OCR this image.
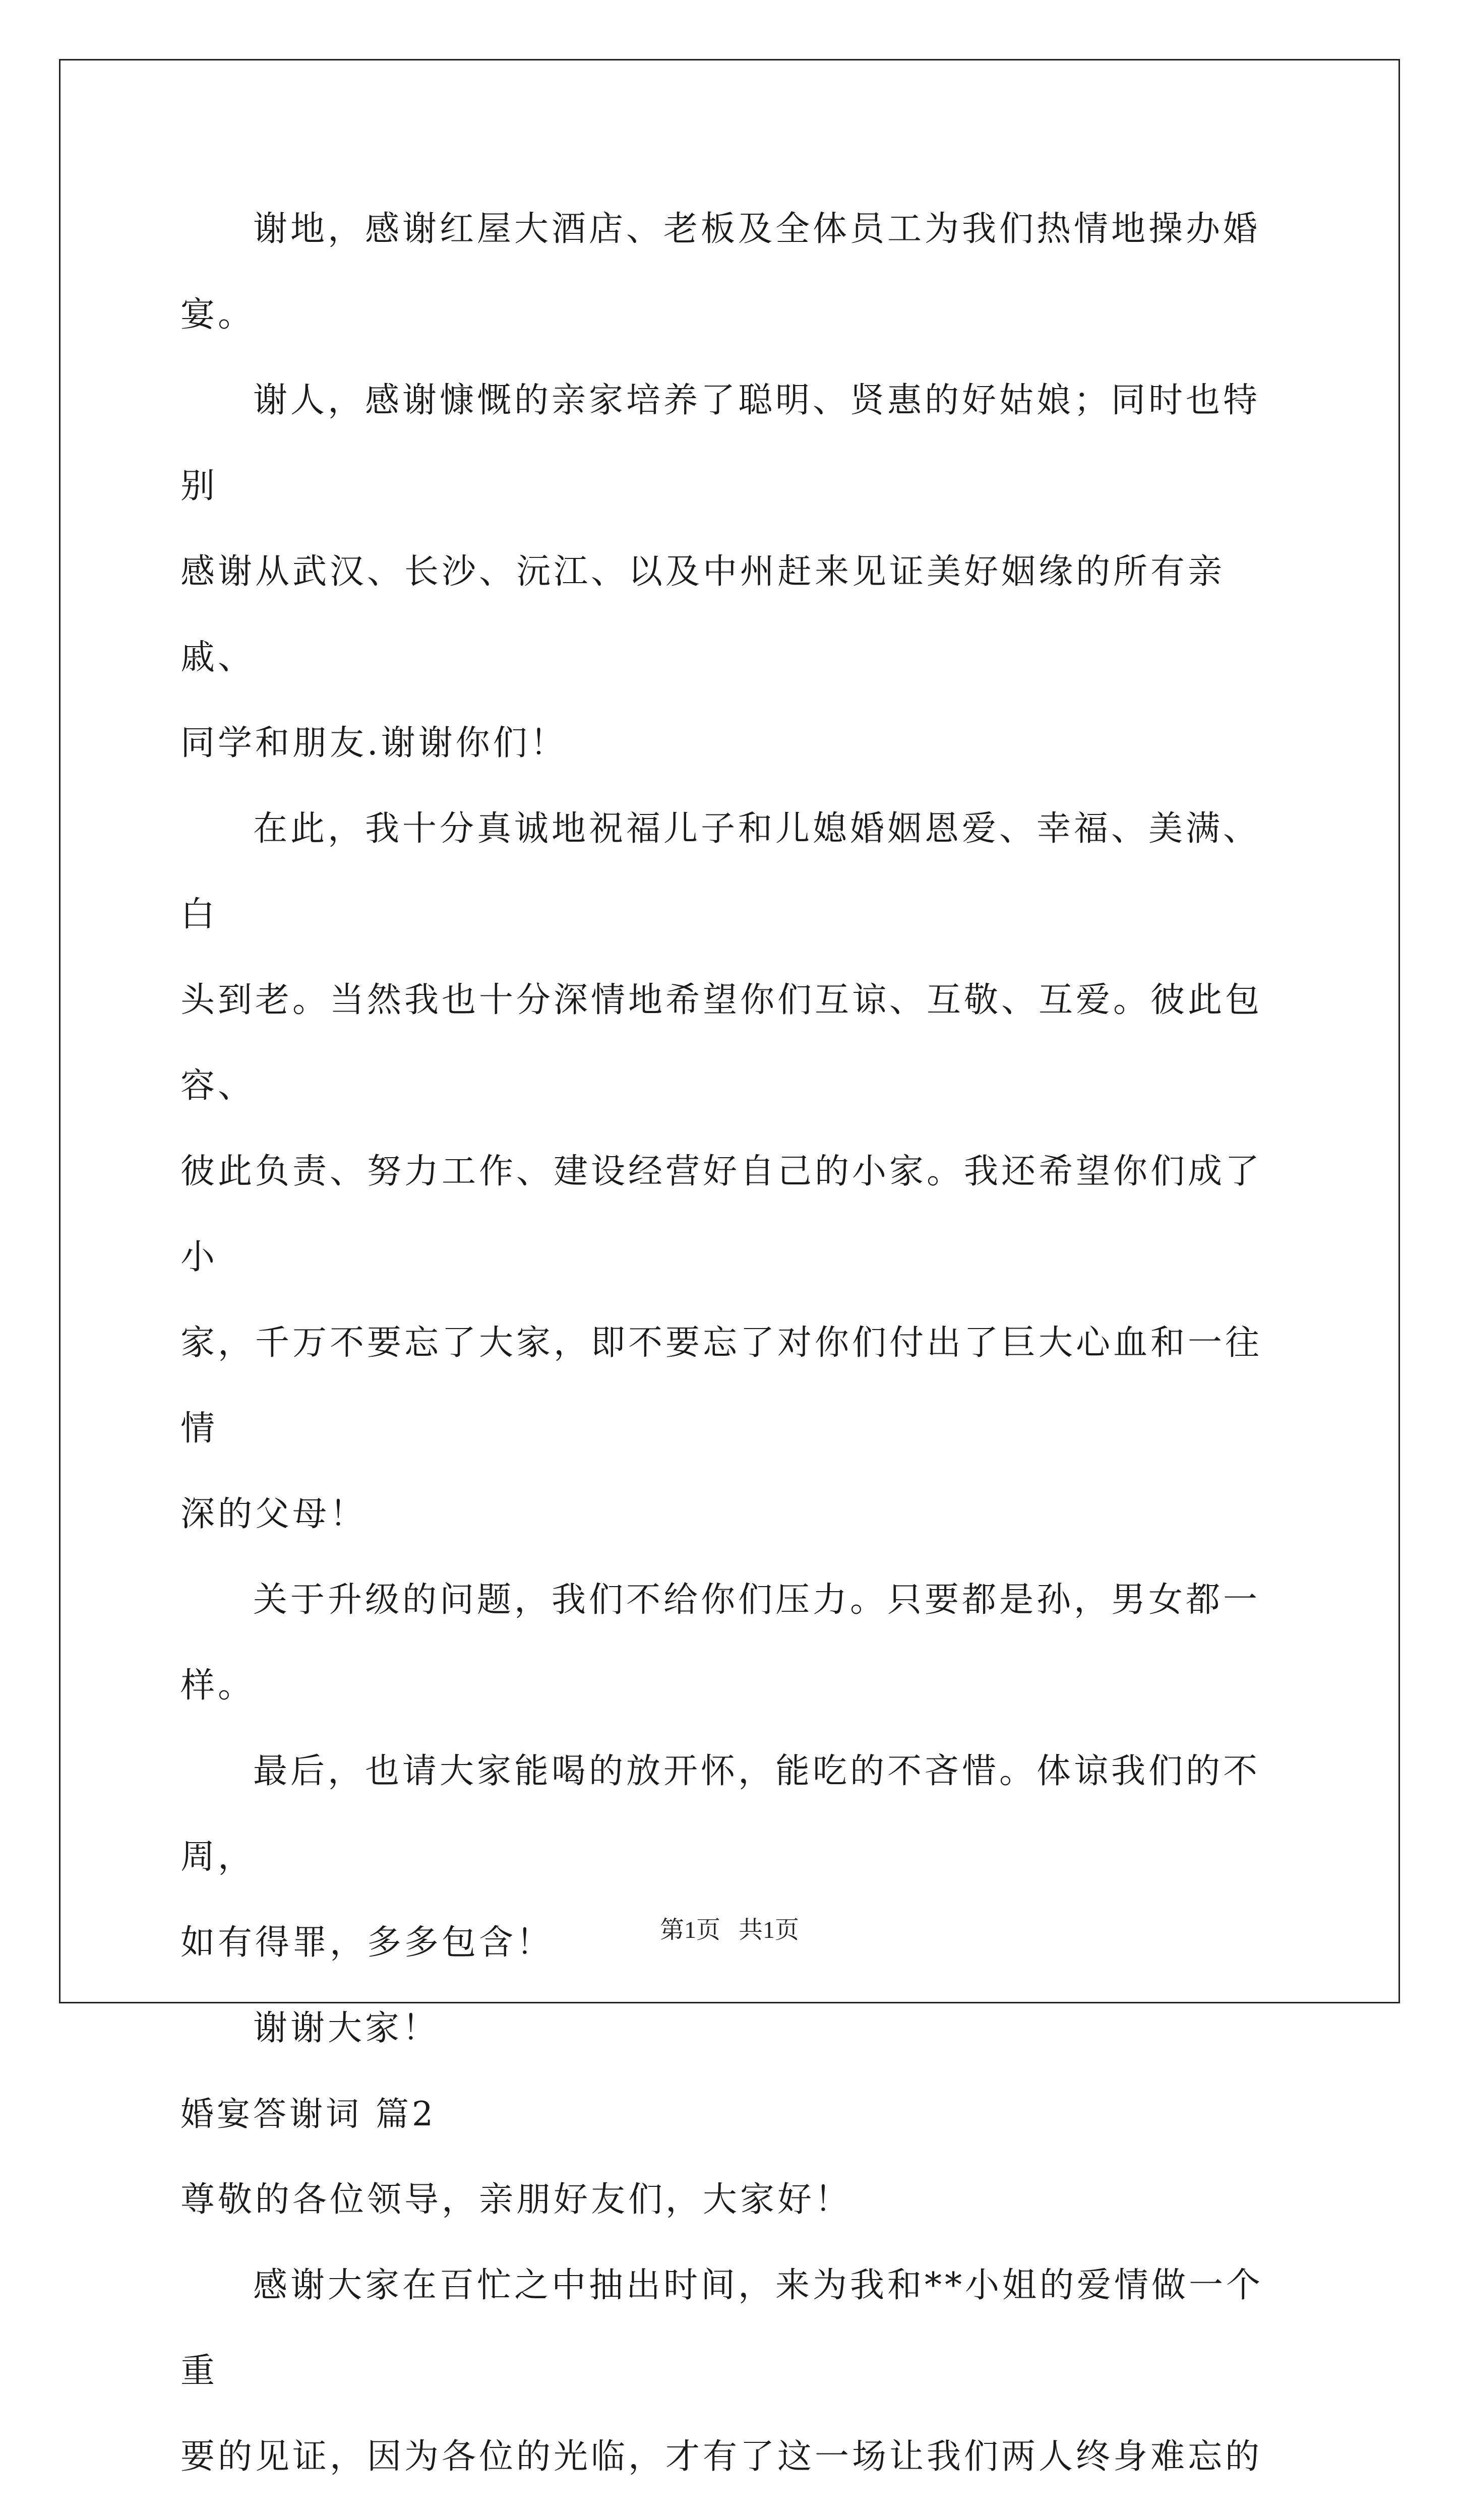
谢地，感谢红屋大酒店、老板及全体员工为我们热情地操办婚宴。

谢人，感谢慷慨的亲家培养了聪明、贤惠的好姑娘；同时也特别

感谢从武汉、长沙、沅江、以及中州赶来见证美好姻缘的所有亲戚、

同学和朋友.谢谢你们！

在此，我十分真诚地祝福儿子和儿媳婚姻恩爱、幸福、美满、白

头到老。当然我也十分深情地希望你们互谅、互敬、互爱。彼此包容、

彼此负责、努力工作、建设经营好自己的小家。我还希望你们成了小

家，千万不要忘了大家，即不要忘了对你们付出了巨大心血和一往情

深的父母！

关于升级的问题，我们不给你们压力。只要都是孙，男女都一样。

最后，也请大家能喝的放开怀，能吃的不吝惜。体谅我们的不周，

如有得罪，多多包含！

谢谢大家！

婚宴答谢词 篇2

尊敬的各位领导，亲朋好友们，大家好！

感谢大家在百忙之中抽出时间，来为我和**小姐的爱情做一个重

要的见证，因为各位的光临，才有了这一场让我们两人终身难忘的

第1页   共1页
